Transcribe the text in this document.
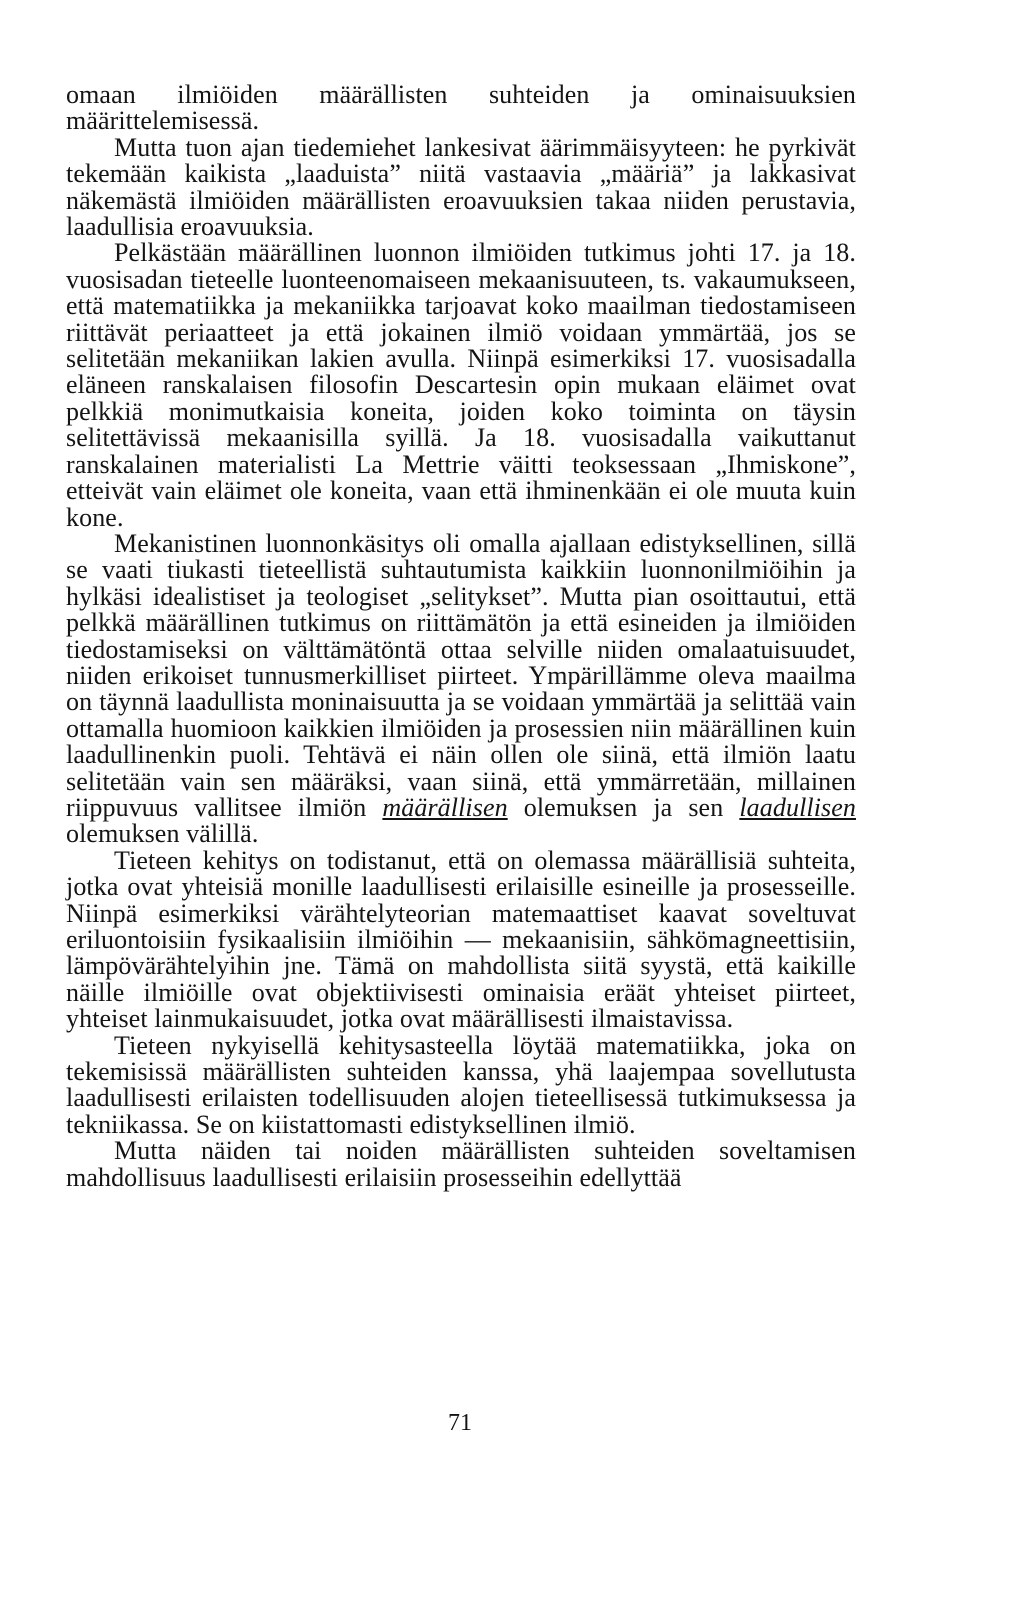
omaan ilmiöiden määrällisten suhteiden ja ominaisuuksien määrittelemisessä.

Mutta tuon ajan tiedemiehet lankesivat äärimmäisyyteen: he pyrkivät tekemään kaikista „laaduista” niitä vastaavia „määriä” ja lakkasivat näkemästä ilmiöiden määrällisten eroavuuksien takaa niiden perustavia, laadullisia eroavuuksia.

Pelkästään määrällinen luonnon ilmiöiden tutkimus johti 17. ja 18. vuosisadan tieteelle luonteenomaiseen mekaanisuuteen, ts. vakaumukseen, että matematiikka ja mekaniikka tarjoavat koko maailman tiedostamiseen riittävät periaatteet ja että jokainen ilmiö voidaan ymmärtää, jos se selitetään mekaniikan lakien avulla. Niinpä esimerkiksi 17. vuosisadalla eläneen ranskalaisen filosofin Descartesin opin mukaan eläimet ovat pelkkiä monimutkaisia koneita, joiden koko toiminta on täysin selitettävissä mekaanisilla syillä. Ja 18. vuosisadalla vaikuttanut ranskalainen materialisti La Mettrie väitti teoksessaan „Ihmiskone”, etteivät vain eläimet ole koneita, vaan että ihminenkään ei ole muuta kuin kone.

Mekanistinen luonnonkäsitys oli omalla ajallaan edistyksellinen, sillä se vaati tiukasti tieteellistä suhtautumista kaikkiin luonnonilmiöihin ja hylkäsi idealistiset ja teologiset „selitykset”. Mutta pian osoittautui, että pelkkä määrällinen tutkimus on riittämätön ja että esineiden ja ilmiöiden tiedostamiseksi on välttämätöntä ottaa selville niiden omalaatuisuudet, niiden erikoiset tunnusmerkilliset piirteet. Ympärillämme oleva maailma on täynnä laadullista moninaisuutta ja se voidaan ymmärtää ja selittää vain ottamalla huomioon kaikkien ilmiöiden ja prosessien niin määrällinen kuin laadullinenkin puoli. Tehtävä ei näin ollen ole siinä, että ilmiön laatu selitetään vain sen määräksi, vaan siinä, että ymmärretään, millainen riippuvuus vallitsee ilmiön määrällisen olemuksen ja sen laadullisen olemuksen välillä.

Tieteen kehitys on todistanut, että on olemassa määrällisiä suhteita, jotka ovat yhteisiä monille laadullisesti erilaisille esineille ja prosesseille. Niinpä esimerkiksi värähtelyteorian matemaattiset kaavat soveltuvat eriluontoisiin fysikaalisiin ilmiöihin — mekaanisiin, sähkömagneettisiin, lämpövärähtelyihin jne. Tämä on mahdollista siitä syystä, että kaikille näille ilmiöille ovat objektiivisesti ominaisia eräät yhteiset piirteet, yhteiset lainmukaisuudet, jotka ovat määrällisesti ilmaistavissa.

Tieteen nykyisellä kehitysasteella löytää matematiikka, joka on tekemisissä määrällisten suhteiden kanssa, yhä laajempaa sovellutusta laadullisesti erilaisten todellisuuden alojen tieteellisessä tutkimuksessa ja tekniikassa. Se on kiistattomasti edistyksellinen ilmiö.

Mutta näiden tai noiden määrällisten suhteiden soveltamisen mahdollisuus laadullisesti erilaisiin prosesseihin edellyttää

71
